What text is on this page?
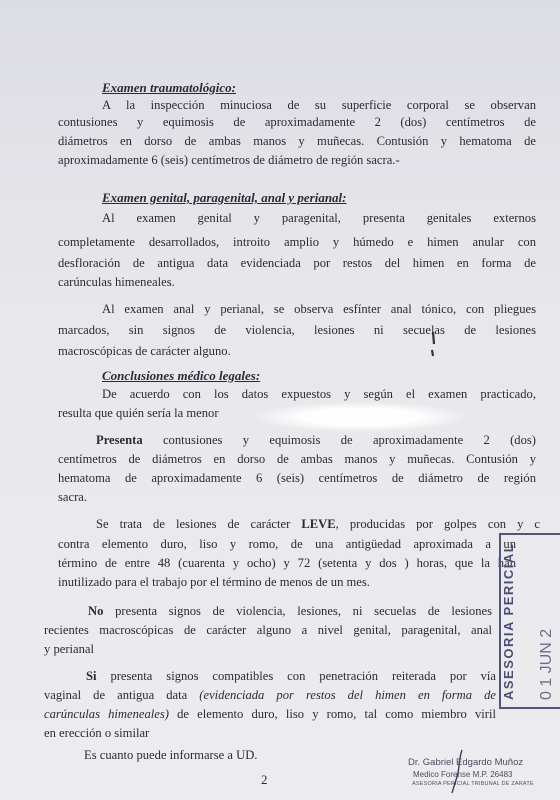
Examen traumatológico:
A la inspección minuciosa de su superficie corporal se observan
contusiones y equimosis de aproximadamente 2 (dos) centímetros de
diámetros en dorso de ambas manos y muñecas. Contusión y hematoma de
aproximadamente 6 (seis) centímetros de diámetro de región sacra.-
Examen genital, paragenital, anal y perianal:
Al examen genital y paragenital, presenta genitales externos
completamente desarrollados, introito amplio y húmedo e himen anular con
desfloración de antigua data evidenciada por restos del himen en forma de
carúnculas himeneales.
Al examen anal y perianal, se observa esfínter anal tónico, con pliegues
marcados, sin signos de violencia, lesiones ni secuelas de lesiones
macroscópicas de carácter alguno.
Conclusiones médico legales:
De acuerdo con los datos expuestos y según el examen practicado,
resulta que quién sería la menor
Presenta contusiones y equimosis de aproximadamente 2 (dos)
centímetros de diámetros en dorso de ambas manos y muñecas. Contusión y
hematoma de aproximadamente 6 (seis) centímetros de diámetro de región
sacra.
Se trata de lesiones de carácter LEVE, producidas por golpes con y c
contra elemento duro, liso y romo, de una antigüedad aproximada a un
término de entre 48 (cuarenta y ocho) y 72 (setenta y dos ) horas, que la han
inutilizado para el trabajo por el término de menos de un mes.
No presenta signos de violencia, lesiones, ni secuelas de lesiones
recientes macroscópicas de carácter alguno a nivel genital, paragenital, anal
y perianal
Si presenta signos compatibles con penetración reiterada por vía
vaginal de antigua data (evidenciada por restos del himen en forma de
carúnculas himeneales) de elemento duro, liso y romo, tal como miembro viril
en erección o similar
Es cuanto puede informarse a UD.
2
Dr. Gabriel Edgardo Muñoz
Medico Forense M.P. 26483
ASESORIA PERICIAL TRIBUNAL DE ZARATE
ASESORIA PERICIAL 0 1 JUN 2
